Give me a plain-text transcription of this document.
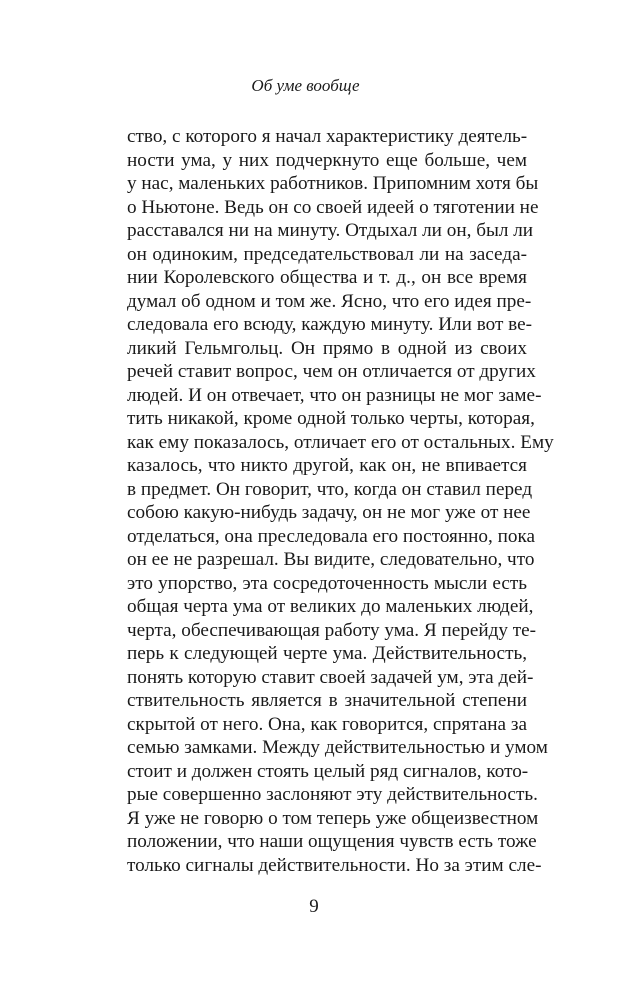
Об уме вообще
ство, с которого я начал характеристику деятель-
ности ума, у них подчеркнуто еще больше, чем
у нас, маленьких работников. Припомним хотя бы
о Ньютоне. Ведь он со своей идеей о тяготении не
расставался ни на минуту. Отдыхал ли он, был ли
он одиноким, председательствовал ли на заседа-
нии Королевского общества и т. д., он все время
думал об одном и том же. Ясно, что его идея пре-
следовала его всюду, каждую минуту. Или вот ве-
ликий Гельмгольц. Он прямо в одной из своих
речей ставит вопрос, чем он отличается от других
людей. И он отвечает, что он разницы не мог заме-
тить никакой, кроме одной только черты, которая,
как ему показалось, отличает его от остальных. Ему
казалось, что никто другой, как он, не впивается
в предмет. Он говорит, что, когда он ставил перед
собою какую-нибудь задачу, он не мог уже от нее
отделаться, она преследовала его постоянно, пока
он ее не разрешал. Вы видите, следовательно, что
это упорство, эта сосредоточенность мысли есть
общая черта ума от великих до маленьких людей,
черта, обеспечивающая работу ума. Я перейду те-
перь к следующей черте ума. Действительность,
понять которую ставит своей задачей ум, эта дей-
ствительность является в значительной степени
скрытой от него. Она, как говорится, спрятана за
семью замками. Между действительностью и умом
стоит и должен стоять целый ряд сигналов, кото-
рые совершенно заслоняют эту действительность.
Я уже не говорю о том теперь уже общеизвестном
положении, что наши ощущения чувств есть тоже
только сигналы действительности. Но за этим сле-
9
